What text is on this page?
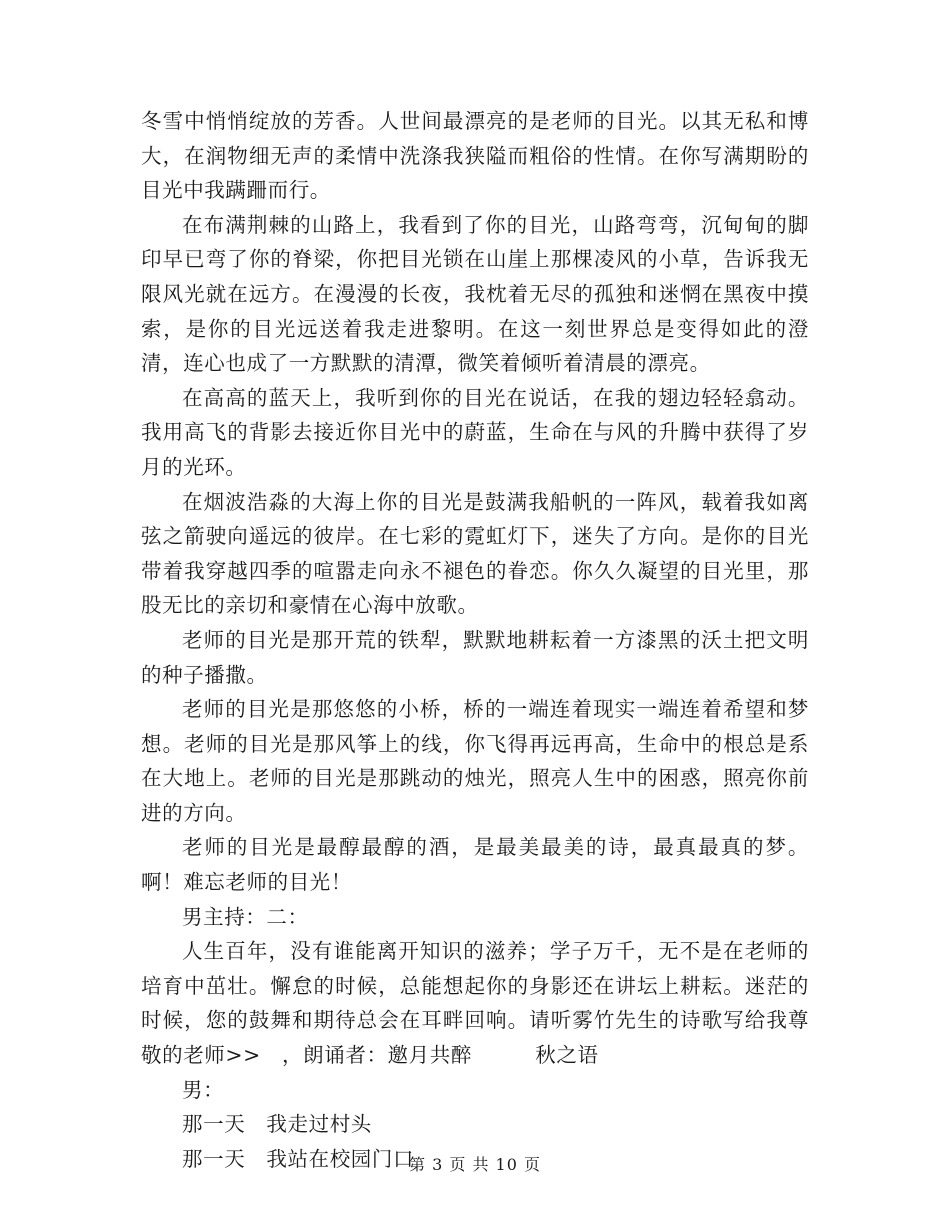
冬雪中悄悄绽放的芳香。人世间最漂亮的是老师的目光。以其无私和博大，在润物细无声的柔情中洗涤我狭隘而粗俗的性情。在你写满期盼的目光中我蹒跚而行。

在布满荆棘的山路上，我看到了你的目光，山路弯弯，沉甸甸的脚印早已弯了你的脊梁，你把目光锁在山崖上那棵凌风的小草，告诉我无限风光就在远方。在漫漫的长夜，我枕着无尽的孤独和迷惘在黑夜中摸索，是你的目光远送着我走进黎明。在这一刻世界总是变得如此的澄清，连心也成了一方默默的清潭，微笑着倾听着清晨的漂亮。

在高高的蓝天上，我听到你的目光在说话，在我的翅边轻轻翕动。我用高飞的背影去接近你目光中的蔚蓝，生命在与风的升腾中获得了岁月的光环。

在烟波浩淼的大海上你的目光是鼓满我船帆的一阵风，载着我如离弦之箭驶向遥远的彼岸。在七彩的霓虹灯下，迷失了方向。是你的目光带着我穿越四季的喧嚣走向永不褪色的眷恋。你久久凝望的目光里，那股无比的亲切和豪情在心海中放歌。

老师的目光是那开荒的铁犁，默默地耕耘着一方漆黑的沃土把文明的种子播撒。

老师的目光是那悠悠的小桥，桥的一端连着现实一端连着希望和梦想。老师的目光是那风筝上的线，你飞得再远再高，生命中的根总是系在大地上。老师的目光是那跳动的烛光，照亮人生中的困惑，照亮你前进的方向。

老师的目光是最醇最醇的酒，是最美最美的诗，最真最真的梦。啊！难忘老师的目光！

男主持：二：

人生百年，没有谁能离开知识的滋养；学子万千，无不是在老师的培育中茁壮。懈怠的时候，总能想起你的身影还在讲坛上耕耘。迷茫的时候，您的鼓舞和期待总会在耳畔回响。请听雾竹先生的诗歌写给我尊敬的老师>>　，朗诵者：邀月共醉　　　秋之语

男：

那一天　我走过村头

那一天　我站在校园门口

第 3 页 共 10 页
